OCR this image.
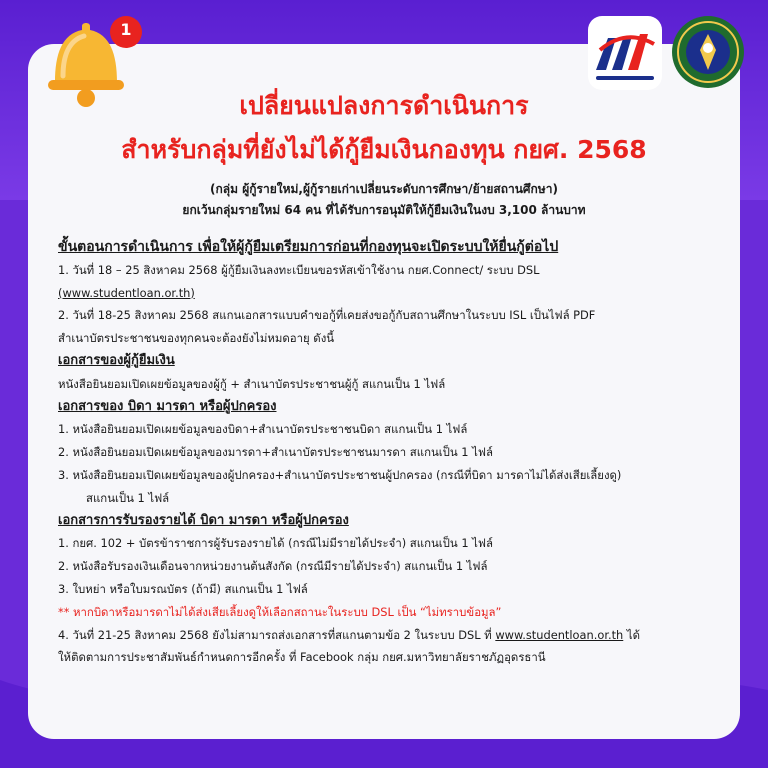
1
เปลี่ยนแปลงการดำเนินการ
สำหรับกลุ่มที่ยังไม่ได้กู้ยืมเงินกองทุน กยศ. 2568
(กลุ่ม ผู้กู้รายใหม่,ผู้กู้รายเก่าเปลี่ยนระดับการศึกษา/ย้ายสถานศึกษา)
ยกเว้นกลุ่มรายใหม่ 64 คน ที่ได้รับการอนุมัติให้กู้ยืมเงินในงบ 3,100 ล้านบาท
ขั้นตอนการดำเนินการ เพื่อให้ผู้กู้ยืมเตรียมการก่อนที่กองทุนจะเปิดระบบให้ยื่นกู้ต่อไป
1. วันที่ 18 – 25 สิงหาคม 2568 ผู้กู้ยืมเงินลงทะเบียนขอรหัสเข้าใช้งาน กยศ.Connect/ ระบบ DSL
(www.studentloan.or.th)
2. วันที่ 18-25 สิงหาคม 2568 สแกนเอกสารแบบคำขอกู้ที่เคยส่งขอกู้กับสถานศึกษาในระบบ ISL เป็นไฟล์ PDF
สำเนาบัตรประชาชนของทุกคนจะต้องยังไม่หมดอายุ ดังนี้
เอกสารของผู้กู้ยืมเงิน
หนังสือยินยอมเปิดเผยข้อมูลของผู้กู้ + สำเนาบัตรประชาชนผู้กู้ สแกนเป็น 1 ไฟล์
เอกสารของ บิดา มารดา หรือผู้ปกครอง
1. หนังสือยินยอมเปิดเผยข้อมูลของบิดา+สำเนาบัตรประชาชนบิดา สแกนเป็น 1 ไฟล์
2. หนังสือยินยอมเปิดเผยข้อมูลของมารดา+สำเนาบัตรประชาชนมารดา สแกนเป็น 1 ไฟล์
3. หนังสือยินยอมเปิดเผยข้อมูลของผู้ปกครอง+สำเนาบัตรประชาชนผู้ปกครอง (กรณีที่บิดา มารดาไม่ได้ส่งเสียเลี้ยงดู)
สแกนเป็น 1 ไฟล์
เอกสารการรับรองรายได้ บิดา มารดา หรือผู้ปกครอง
1. กยศ. 102 + บัตรข้าราชการผู้รับรองรายได้ (กรณีไม่มีรายได้ประจำ) สแกนเป็น 1 ไฟล์
2. หนังสือรับรองเงินเดือนจากหน่วยงานต้นสังกัด (กรณีมีรายได้ประจำ) สแกนเป็น 1 ไฟล์
3. ใบหย่า หรือใบมรณบัตร (ถ้ามี) สแกนเป็น 1 ไฟล์
** หากบิดาหรือมารดาไม่ได้ส่งเสียเลี้ยงดูให้เลือกสถานะในระบบ DSL เป็น “ไม่ทราบข้อมูล”
4. วันที่ 21-25 สิงหาคม 2568 ยังไม่สามารถส่งเอกสารที่สแกนตามข้อ 2 ในระบบ DSL ที่ www.studentloan.or.th ได้
ให้ติดตามการประชาสัมพันธ์กำหนดการอีกครั้ง ที่ Facebook กลุ่ม กยศ.มหาวิทยาลัยราชภัฏอุดรธานี
